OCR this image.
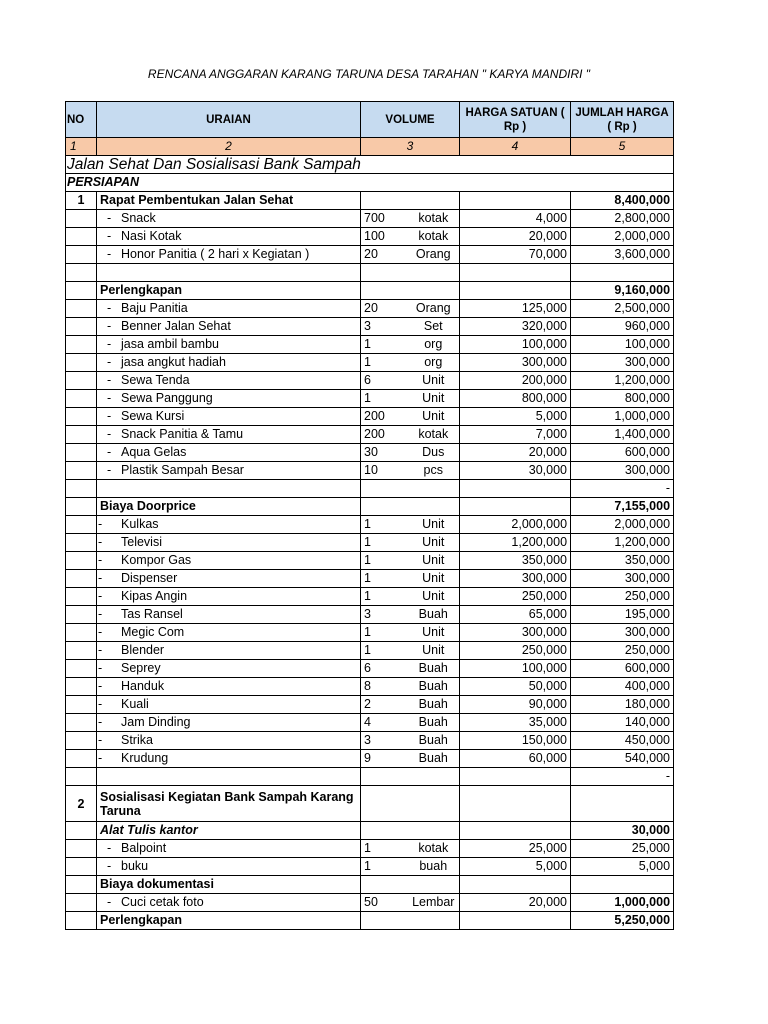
RENCANA ANGGARAN KARANG TARUNA DESA TARAHAN " KARYA MANDIRI "
NO	URAIAN	VOLUME		HARGA SATUAN ( Rp )	JUMLAH HARGA ( Rp )
1	2	3		4	5
Jalan Sehat Dan Sosialisasi Bank Sampah					
PERSIAPAN					
1	Rapat Pembentukan Jalan Sehat				8,400,000
	- Snack	700	kotak	4,000	2,800,000
	- Nasi Kotak	100	kotak	20,000	2,000,000
	- Honor Panitia ( 2 hari x Kegiatan )	20	Orang	70,000	3,600,000

	Perlengkapan				9,160,000
	- Baju Panitia	20	Orang	125,000	2,500,000
	- Benner Jalan Sehat	3	Set	320,000	960,000
	- jasa ambil bambu	1	org	100,000	100,000
	- jasa angkut hadiah	1	org	300,000	300,000
	- Sewa Tenda	6	Unit	200,000	1,200,000
	- Sewa Panggung	1	Unit	800,000	800,000
	- Sewa Kursi	200	Unit	5,000	1,000,000
	- Snack Panitia & Tamu	200	kotak	7,000	1,400,000
	- Aqua Gelas	30	Dus	20,000	600,000
	- Plastik Sampah Besar	10	pcs	30,000	300,000
					-
	Biaya Doorprice				7,155,000
	- Kulkas	1	Unit	2,000,000	2,000,000
	- Televisi	1	Unit	1,200,000	1,200,000
	- Kompor Gas	1	Unit	350,000	350,000
	- Dispenser	1	Unit	300,000	300,000
	- Kipas Angin	1	Unit	250,000	250,000
	- Tas Ransel	3	Buah	65,000	195,000
	- Megic Com	1	Unit	300,000	300,000
	- Blender	1	Unit	250,000	250,000
	- Seprey	6	Buah	100,000	600,000
	- Handuk	8	Buah	50,000	400,000
	- Kuali	2	Buah	90,000	180,000
	- Jam Dinding	4	Buah	35,000	140,000
	- Strika	3	Buah	150,000	450,000
	- Krudung	9	Buah	60,000	540,000
					-
2	Sosialisasi Kegiatan Bank Sampah Karang Taruna				
	Alat Tulis kantor				30,000
	- Balpoint	1	kotak	25,000	25,000
	- buku	1	buah	5,000	5,000
	Biaya dokumentasi				
	- Cuci cetak foto	50	Lembar	20,000	1,000,000
	Perlengkapan				5,250,000
